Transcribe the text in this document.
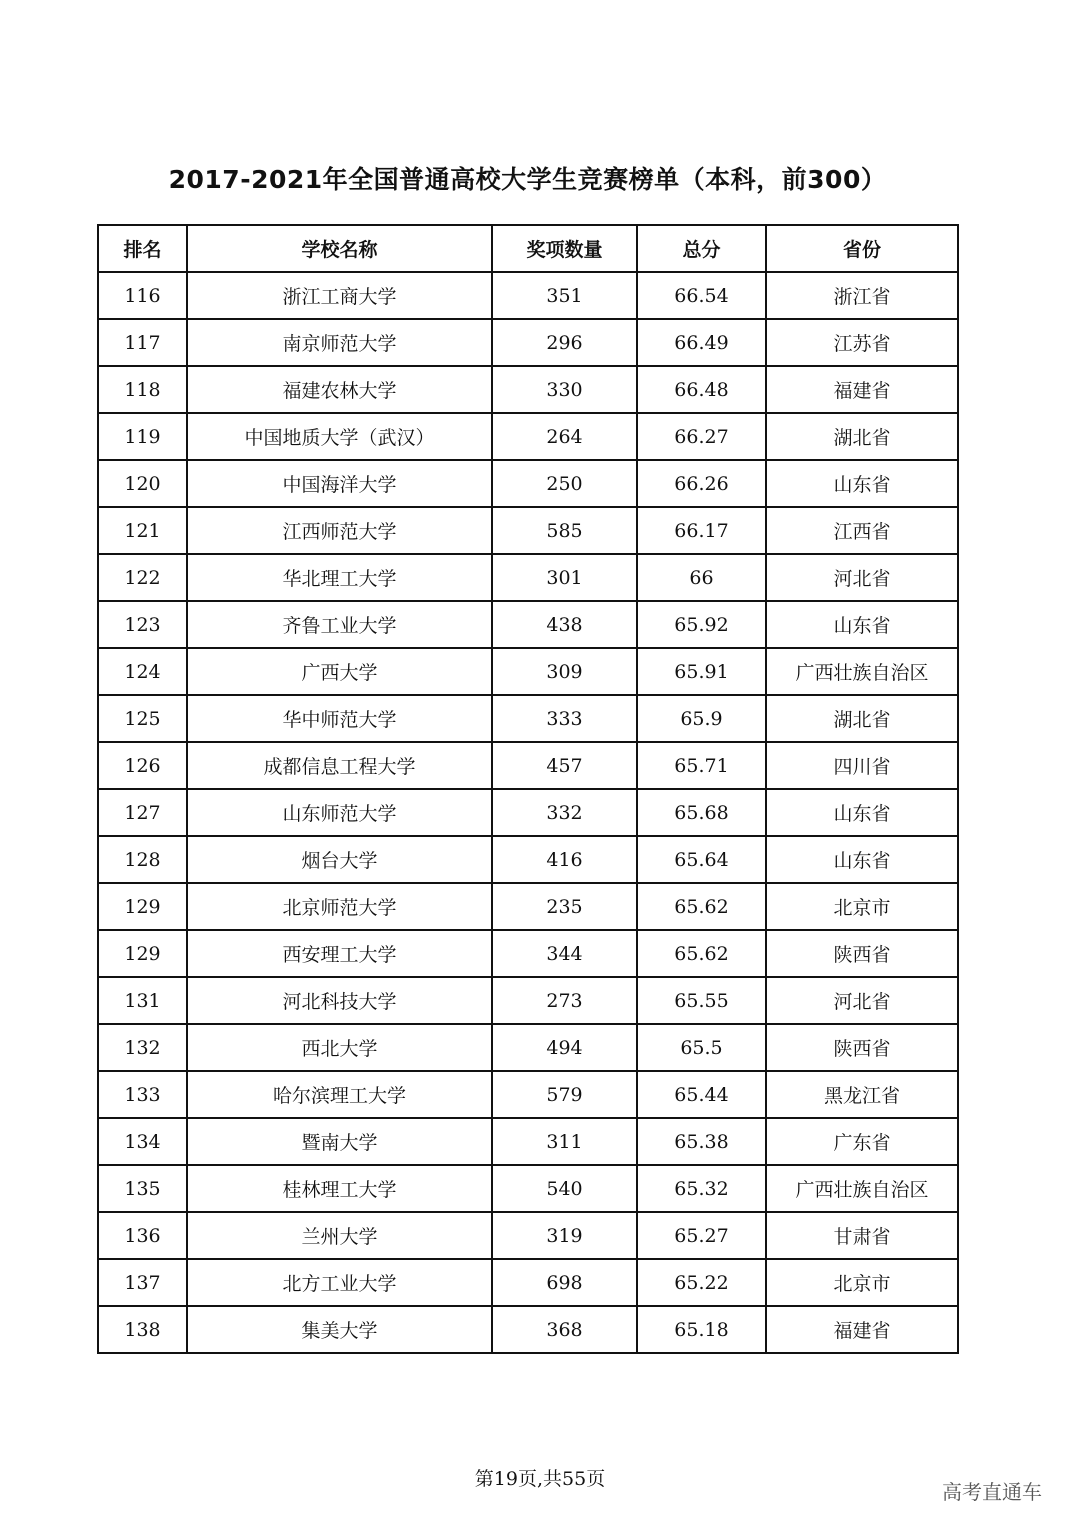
2017-2021年全国普通高校大学生竞赛榜单（本科，前300）
排名	学校名称	奖项数量	总分	省份
116	浙江工商大学	351	66.54	浙江省
117	南京师范大学	296	66.49	江苏省
118	福建农林大学	330	66.48	福建省
119	中国地质大学（武汉）	264	66.27	湖北省
120	中国海洋大学	250	66.26	山东省
121	江西师范大学	585	66.17	江西省
122	华北理工大学	301	66	河北省
123	齐鲁工业大学	438	65.92	山东省
124	广西大学	309	65.91	广西壮族自治区
125	华中师范大学	333	65.9	湖北省
126	成都信息工程大学	457	65.71	四川省
127	山东师范大学	332	65.68	山东省
128	烟台大学	416	65.64	山东省
129	北京师范大学	235	65.62	北京市
129	西安理工大学	344	65.62	陕西省
131	河北科技大学	273	65.55	河北省
132	西北大学	494	65.5	陕西省
133	哈尔滨理工大学	579	65.44	黑龙江省
134	暨南大学	311	65.38	广东省
135	桂林理工大学	540	65.32	广西壮族自治区
136	兰州大学	319	65.27	甘肃省
137	北方工业大学	698	65.22	北京市
138	集美大学	368	65.18	福建省
第19页,共55页
高考直通车
